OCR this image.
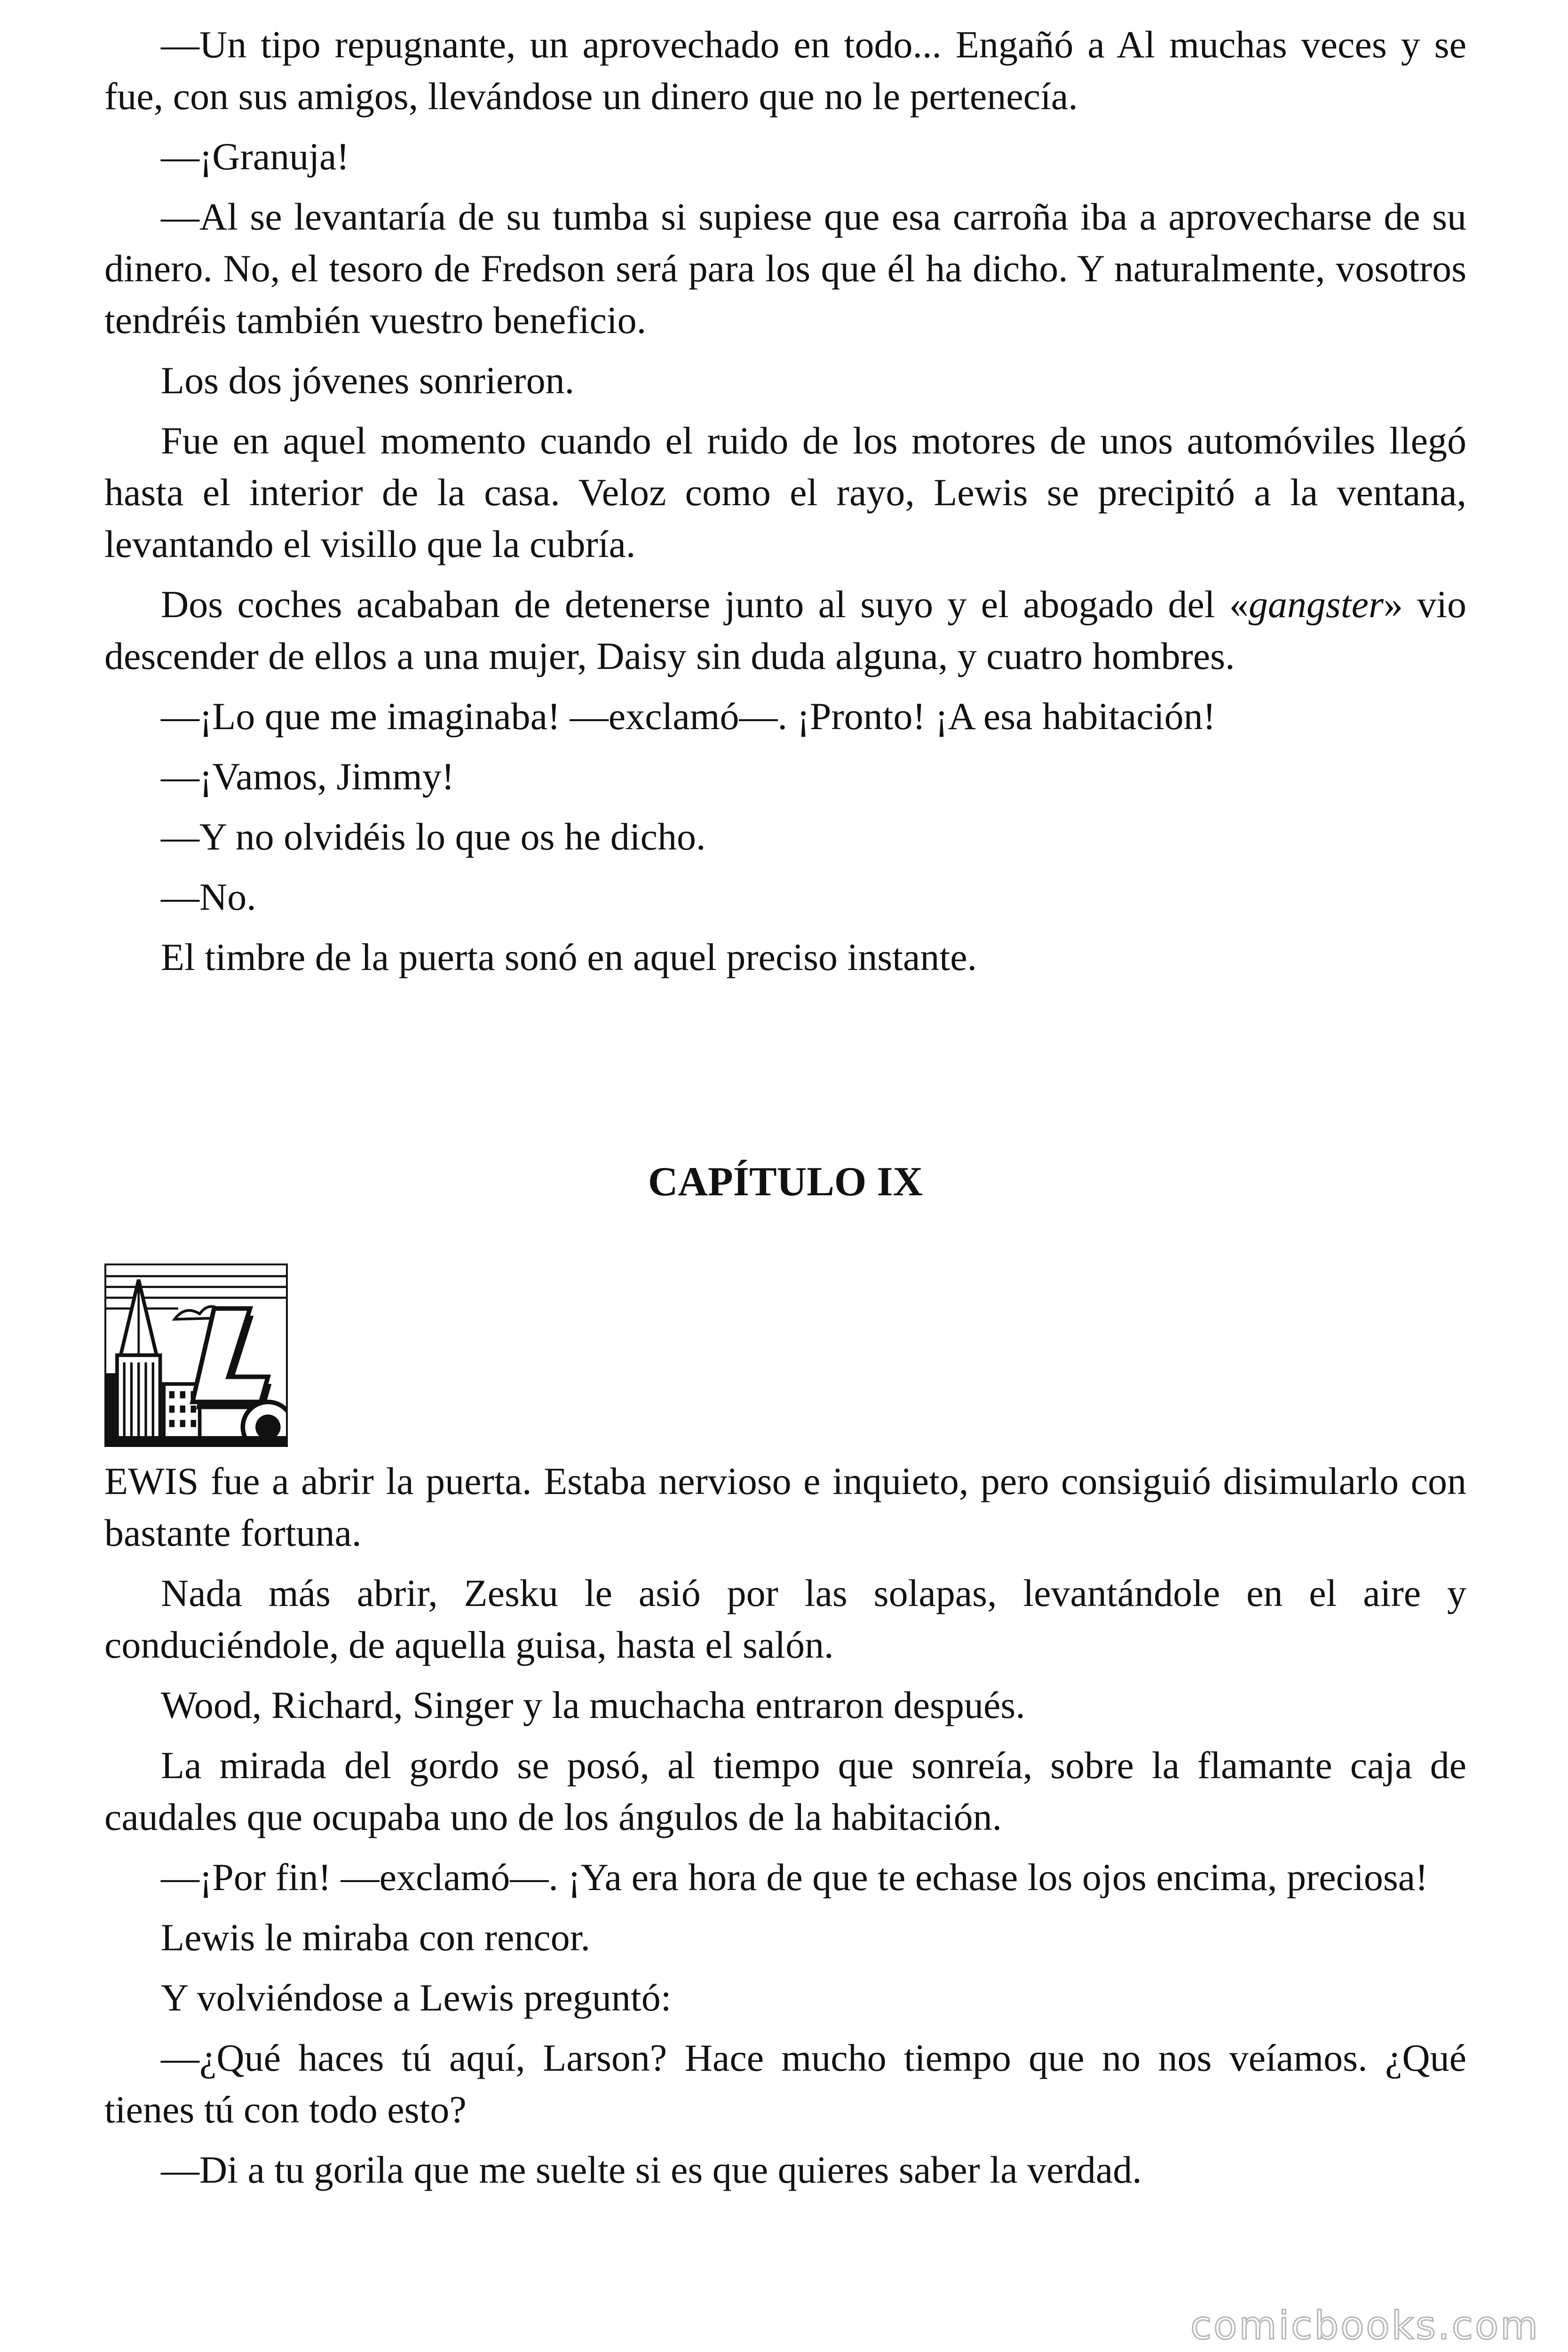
—Un tipo repugnante, un aprovechado en todo... Engañó a Al muchas veces y se fue, con sus amigos, llevándose un dinero que no le pertenecía.

—¡Granuja!

—Al se levantaría de su tumba si supiese que esa carroña iba a aprovecharse de su dinero. No, el tesoro de Fredson será para los que él ha dicho. Y naturalmente, vosotros tendréis también vuestro beneficio.

Los dos jóvenes sonrieron.

Fue en aquel momento cuando el ruido de los motores de unos automóviles llegó hasta el interior de la casa. Veloz como el rayo, Lewis se precipitó a la ventana, levantando el visillo que la cubría.

Dos coches acababan de detenerse junto al suyo y el abogado del «gangster» vio descender de ellos a una mujer, Daisy sin duda alguna, y cuatro hombres.

—¡Lo que me imaginaba! —exclamó—. ¡Pronto! ¡A esa habitación!

—¡Vamos, Jimmy!

—Y no olvidéis lo que os he dicho.

—No.

El timbre de la puerta sonó en aquel preciso instante.

CAPÍTULO IX

EWIS fue a abrir la puerta. Estaba nervioso e inquieto, pero consiguió disimularlo con bastante fortuna.

Nada más abrir, Zesku le asió por las solapas, levantándole en el aire y conduciéndole, de aquella guisa, hasta el salón.

Wood, Richard, Singer y la muchacha entraron después.

La mirada del gordo se posó, al tiempo que sonreía, sobre la flamante caja de caudales que ocupaba uno de los ángulos de la habitación.

—¡Por fin! —exclamó—. ¡Ya era hora de que te echase los ojos encima, preciosa!

Lewis le miraba con rencor.

Y volviéndose a Lewis preguntó:

—¿Qué haces tú aquí, Larson? Hace mucho tiempo que no nos veíamos. ¿Qué tienes tú con todo esto?

—Di a tu gorila que me suelte si es que quieres saber la verdad.

comicbooks.com
